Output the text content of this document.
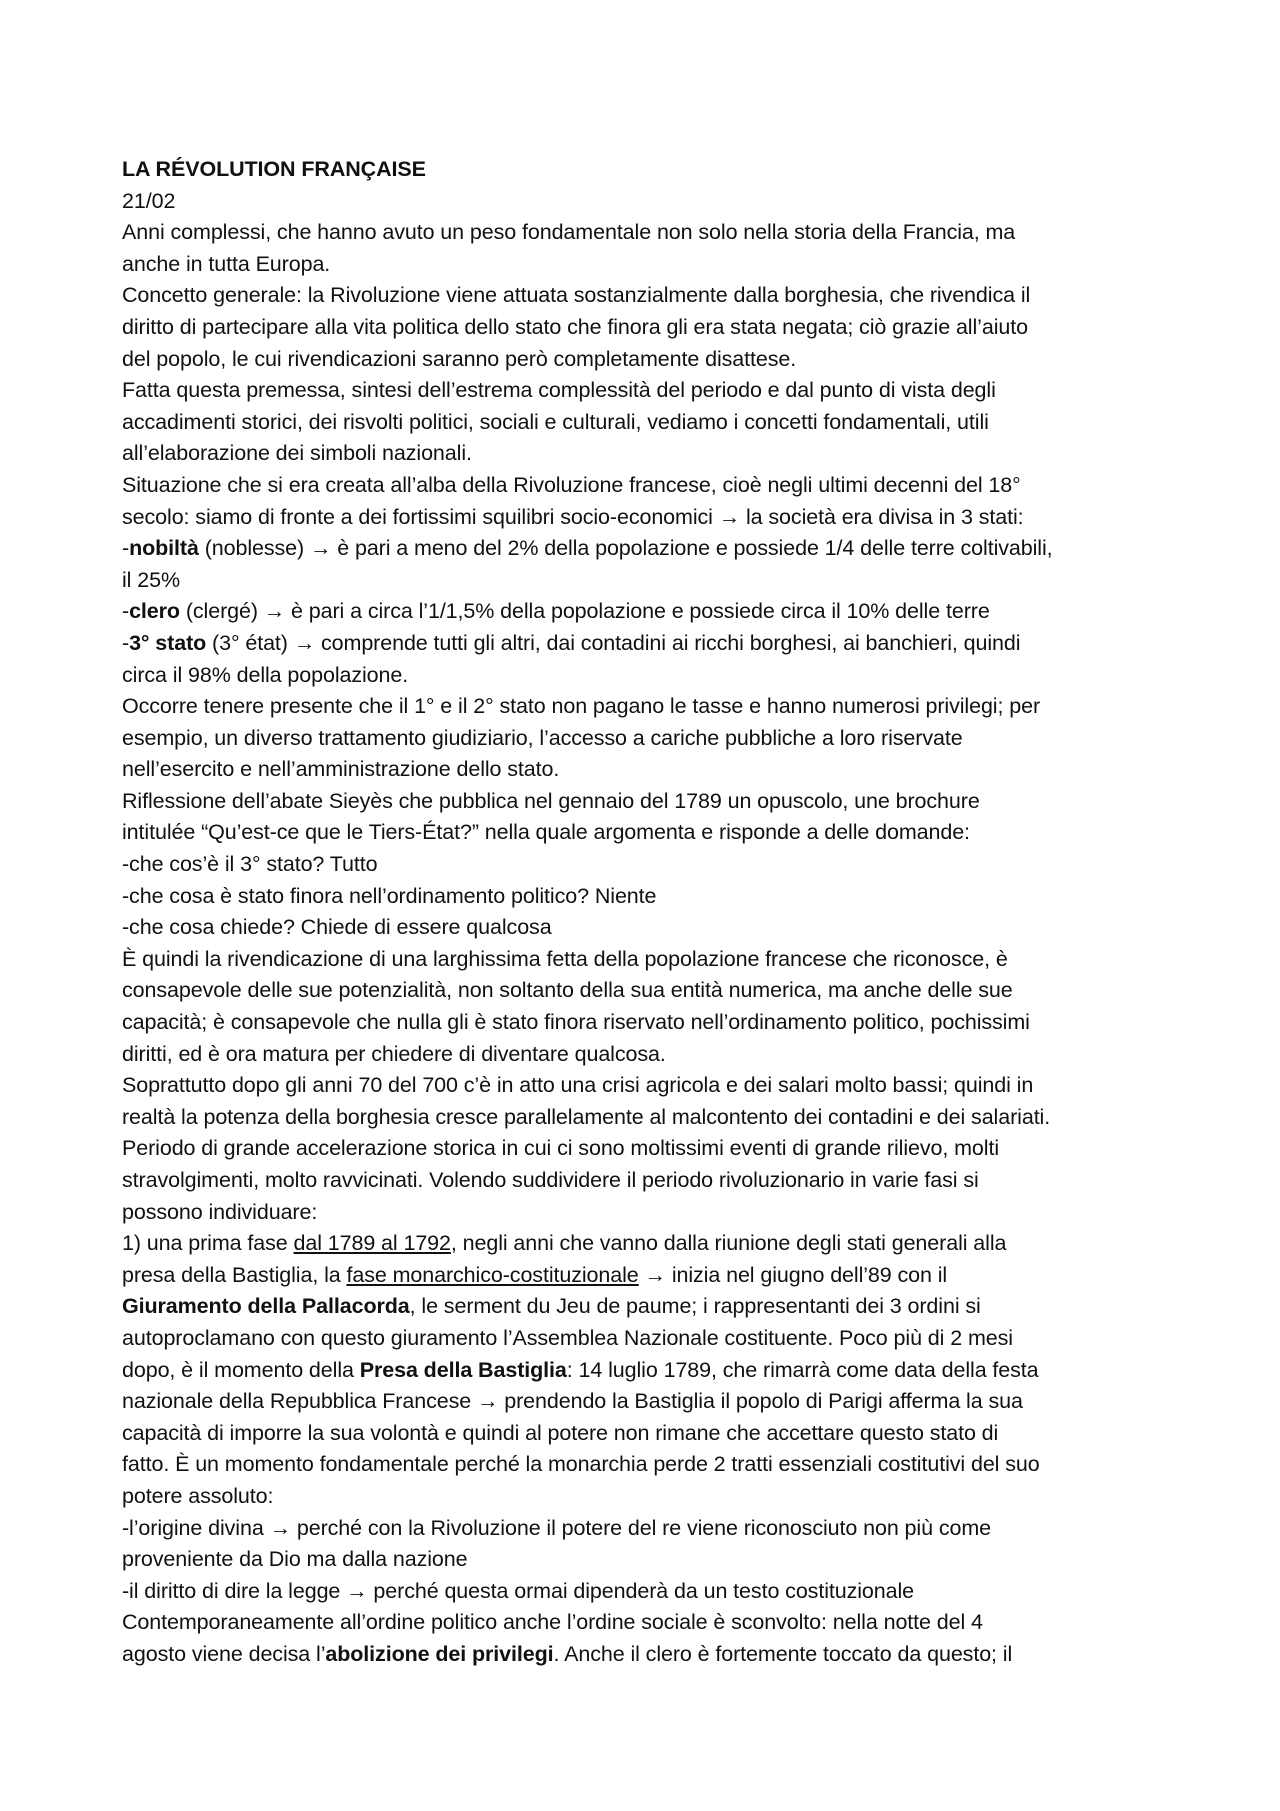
LA RÉVOLUTION FRANÇAISE
21/02
Anni complessi, che hanno avuto un peso fondamentale non solo nella storia della Francia, ma
anche in tutta Europa.
Concetto generale: la Rivoluzione viene attuata sostanzialmente dalla borghesia, che rivendica il
diritto di partecipare alla vita politica dello stato che finora gli era stata negata; ciò grazie all’aiuto
del popolo, le cui rivendicazioni saranno però completamente disattese.
Fatta questa premessa, sintesi dell’estrema complessità del periodo e dal punto di vista degli
accadimenti storici, dei risvolti politici, sociali e culturali, vediamo i concetti fondamentali, utili
all’elaborazione dei simboli nazionali.
Situazione che si era creata all’alba della Rivoluzione francese, cioè negli ultimi decenni del 18°
secolo: siamo di fronte a dei fortissimi squilibri socio-economici → la società era divisa in 3 stati:
-nobiltà (noblesse) → è pari a meno del 2% della popolazione e possiede 1/4 delle terre coltivabili,
il 25%
-clero (clergé) → è pari a circa l’1/1,5% della popolazione e possiede circa il 10% delle terre
-3° stato (3° état) → comprende tutti gli altri, dai contadini ai ricchi borghesi, ai banchieri, quindi
circa il 98% della popolazione.
Occorre tenere presente che il 1° e il 2° stato non pagano le tasse e hanno numerosi privilegi; per
esempio, un diverso trattamento giudiziario, l’accesso a cariche pubbliche a loro riservate
nell’esercito e nell’amministrazione dello stato.
Riflessione dell’abate Sieyès che pubblica nel gennaio del 1789 un opuscolo, une brochure
intitulée “Qu’est-ce que le Tiers-État?” nella quale argomenta e risponde a delle domande:
-che cos’è il 3° stato? Tutto
-che cosa è stato finora nell’ordinamento politico? Niente
-che cosa chiede? Chiede di essere qualcosa
È quindi la rivendicazione di una larghissima fetta della popolazione francese che riconosce, è
consapevole delle sue potenzialità, non soltanto della sua entità numerica, ma anche delle sue
capacità; è consapevole che nulla gli è stato finora riservato nell’ordinamento politico, pochissimi
diritti, ed è ora matura per chiedere di diventare qualcosa.
Soprattutto dopo gli anni 70 del 700 c’è in atto una crisi agricola e dei salari molto bassi; quindi in
realtà la potenza della borghesia cresce parallelamente al malcontento dei contadini e dei salariati.
Periodo di grande accelerazione storica in cui ci sono moltissimi eventi di grande rilievo, molti
stravolgimenti, molto ravvicinati. Volendo suddividere il periodo rivoluzionario in varie fasi si
possono individuare:
1) una prima fase dal 1789 al 1792, negli anni che vanno dalla riunione degli stati generali alla
presa della Bastiglia, la fase monarchico-costituzionale → inizia nel giugno dell’89 con il
Giuramento della Pallacorda, le serment du Jeu de paume; i rappresentanti dei 3 ordini si
autoproclamano con questo giuramento l’Assemblea Nazionale costituente. Poco più di 2 mesi
dopo, è il momento della Presa della Bastiglia: 14 luglio 1789, che rimarrà come data della festa
nazionale della Repubblica Francese → prendendo la Bastiglia il popolo di Parigi afferma la sua
capacità di imporre la sua volontà e quindi al potere non rimane che accettare questo stato di
fatto. È un momento fondamentale perché la monarchia perde 2 tratti essenziali costitutivi del suo
potere assoluto:
-l’origine divina → perché con la Rivoluzione il potere del re viene riconosciuto non più come
proveniente da Dio ma dalla nazione
-il diritto di dire la legge → perché questa ormai dipenderà da un testo costituzionale
Contemporaneamente all’ordine politico anche l’ordine sociale è sconvolto: nella notte del 4
agosto viene decisa l’abolizione dei privilegi. Anche il clero è fortemente toccato da questo; il
